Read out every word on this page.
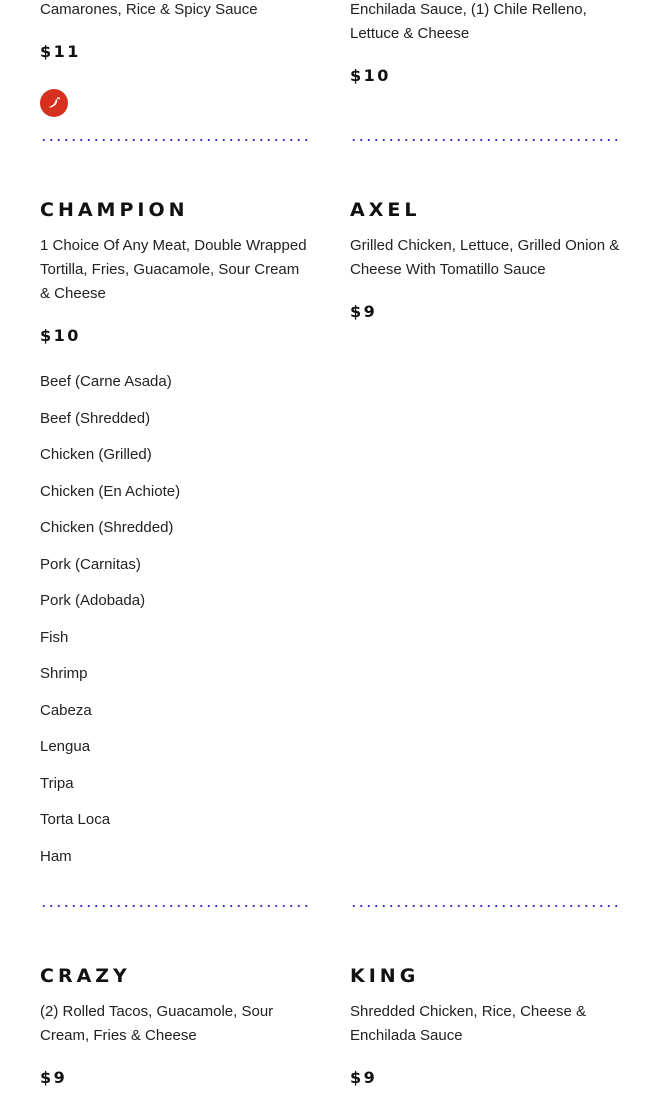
Camarones, Rice & Spicy Sauce

$11

Enchilada Sauce, (1) Chile Relleno, Lettuce & Cheese

$10
CHAMPION

1 Choice Of Any Meat, Double Wrapped Tortilla, Fries, Guacamole, Sour Cream & Cheese

$10
Beef (Carne Asada)
Beef (Shredded)
Chicken (Grilled)
Chicken (En Achiote)
Chicken (Shredded)
Pork (Carnitas)
Pork (Adobada)
Fish
Shrimp
Cabeza
Lengua
Tripa
Torta Loca
Ham
AXEL

Grilled Chicken, Lettuce, Grilled Onion & Cheese With Tomatillo Sauce

$9
CRAZY

(2) Rolled Tacos, Guacamole, Sour Cream, Fries & Cheese

$9
KING

Shredded Chicken, Rice, Cheese & Enchilada Sauce

$9
